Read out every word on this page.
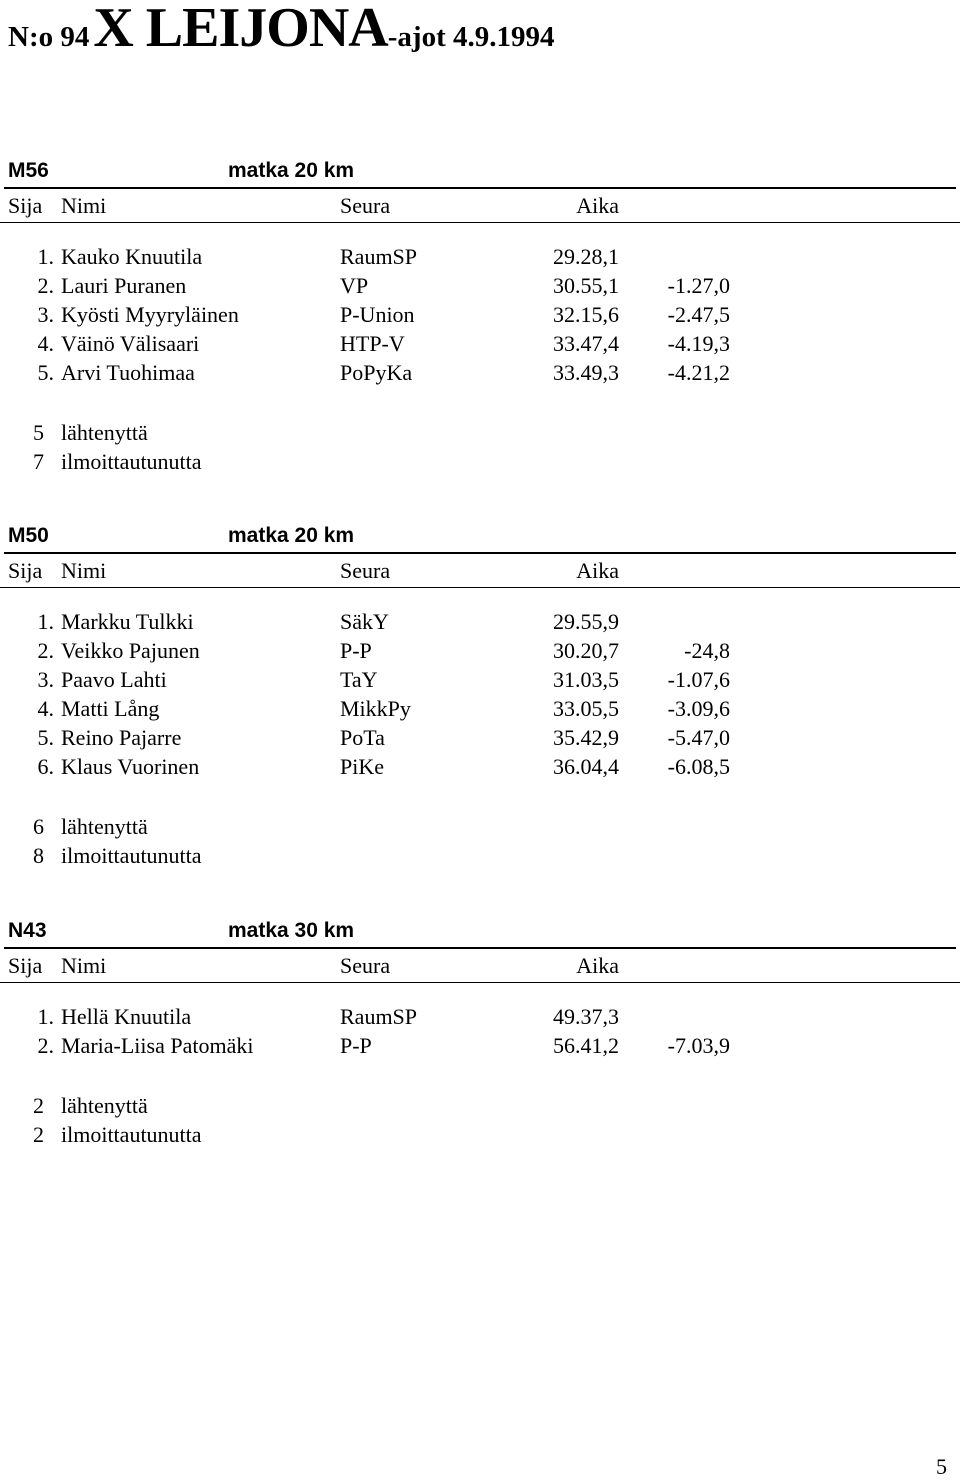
N:o 94 X LEIJONA-ajot 4.9.1994
M56	matka 20 km
Sija Nimi	Seura	Aika
1. Kauko Knuutila	RaumSP	29.28,1
2. Lauri Puranen	VP	30.55,1	-1.27,0
3. Kyösti Myyryläinen	P-Union	32.15,6	-2.47,5
4. Väinö Välisaari	HTP-V	33.47,4	-4.19,3
5. Arvi Tuohimaa	PoPyKa	33.49,3	-4.21,2
5 lähtenyttä
7 ilmoittautunutta
M50	matka 20 km
Sija Nimi	Seura	Aika
1. Markku Tulkki	SäkY	29.55,9
2. Veikko Pajunen	P-P	30.20,7	-24,8
3. Paavo Lahti	TaY	31.03,5	-1.07,6
4. Matti Lång	MikkPy	33.05,5	-3.09,6
5. Reino Pajarre	PoTa	35.42,9	-5.47,0
6. Klaus Vuorinen	PiKe	36.04,4	-6.08,5
6 lähtenyttä
8 ilmoittautunutta
N43	matka 30 km
Sija Nimi	Seura	Aika
1. Hellä Knuutila	RaumSP	49.37,3
2. Maria-Liisa Patomäki	P-P	56.41,2	-7.03,9
2 lähtenyttä
2 ilmoittautunutta
5
